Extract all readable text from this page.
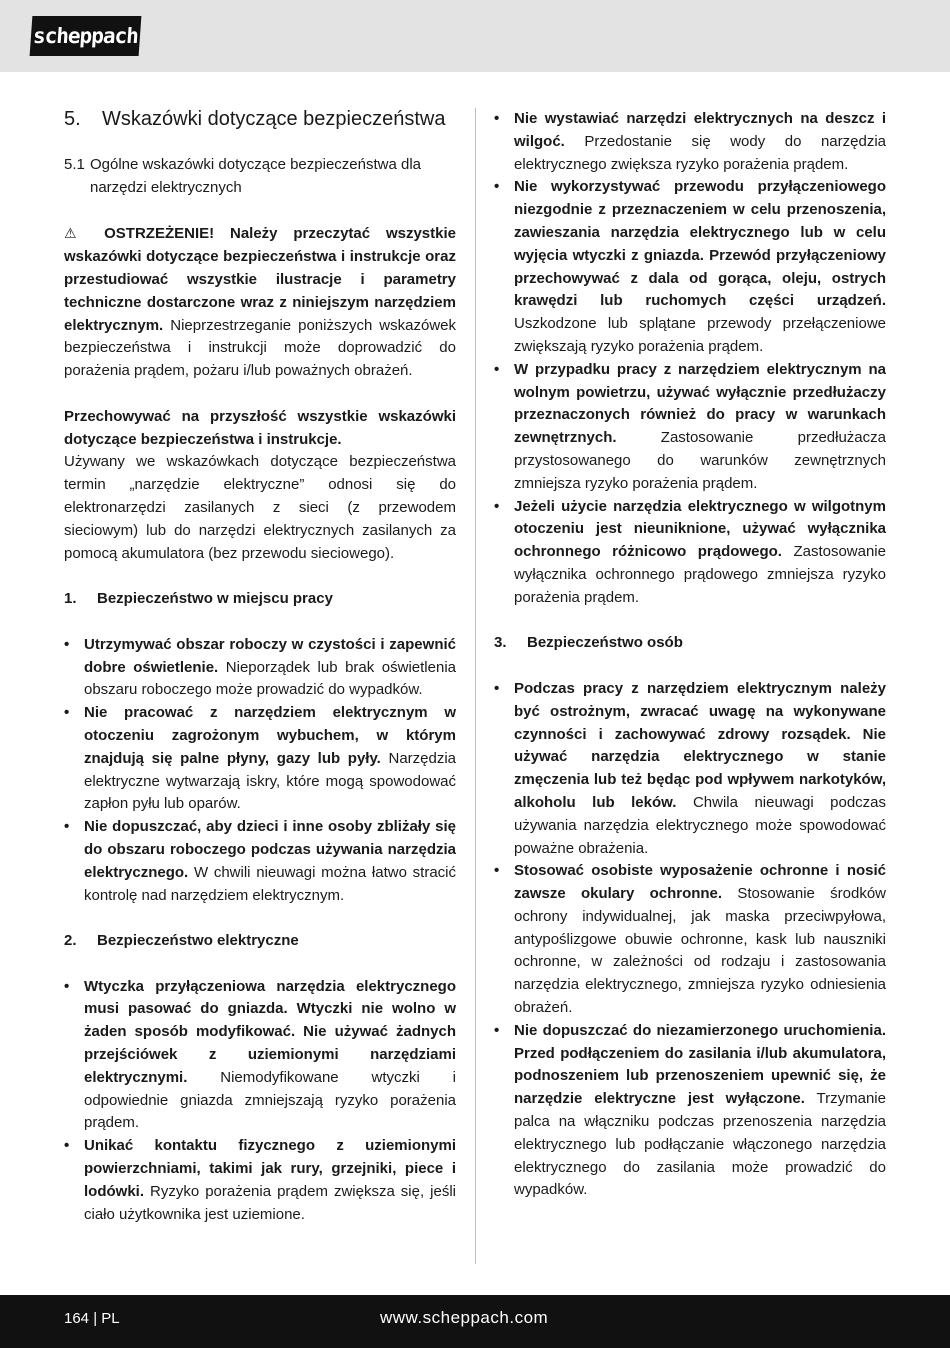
scheppach
5.	Wskazówki dotyczące bezpieczeństwa
5.1 Ogólne wskazówki dotyczące bezpieczeństwa dla narzędzi elektrycznych

⚠ OSTRZEŻENIE! Należy przeczytać wszystkie wskazówki dotyczące bezpieczeństwa i instrukcje oraz przestudiować wszystkie ilustracje i parametry techniczne dostarczone wraz z niniejszym narzędziem elektrycznym. Nieprzestrzeganie poniższych wskazówek bezpieczeństwa i instrukcji może doprowadzić do porażenia prądem, pożaru i/lub poważnych obrażeń.

Przechowywać na przyszłość wszystkie wskazówki dotyczące bezpieczeństwa i instrukcje.

Używany we wskazówkach dotyczące bezpieczeństwa termin „narzędzie elektryczne” odnosi się do elektronarzędzi zasilanych z sieci (z przewodem sieciowym) lub do narzędzi elektrycznych zasilanych za pomocą akumulatora (bez przewodu sieciowego).

1.	Bezpieczeństwo w miejscu pracy
• Utrzymywać obszar roboczy w czystości i zapewnić dobre oświetlenie. Nieporządek lub brak oświetlenia obszaru roboczego może prowadzić do wypadków.
• Nie pracować z narzędziem elektrycznym w otoczeniu zagrożonym wybuchem, w którym znajdują się palne płyny, gazy lub pyły. Narzędzia elektryczne wytwarzają iskry, które mogą spowodować zapłon pyłu lub oparów.
• Nie dopuszczać, aby dzieci i inne osoby zbliżały się do obszaru roboczego podczas używania narzędzia elektrycznego. W chwili nieuwagi można łatwo stracić kontrolę nad narzędziem elektrycznym.
2.	Bezpieczeństwo elektryczne
• Wtyczka przyłączeniowa narzędzia elektrycznego musi pasować do gniazda. Wtyczki nie wolno w żaden sposób modyfikować. Nie używać żadnych przejściówek z uziemionymi narzędziami elektrycznymi. Niemodyfikowane wtyczki i odpowiednie gniazda zmniejszają ryzyko porażenia prądem.
• Unikać kontaktu fizycznego z uziemionymi powierzchniami, takimi jak rury, grzejniki, piece i lodówki. Ryzyko porażenia prądem zwiększa się, jeśli ciało użytkownika jest uziemione.
• Nie wystawiać narzędzi elektrycznych na deszcz i wilgoć. Przedostanie się wody do narzędzia elektrycznego zwiększa ryzyko porażenia prądem.
• Nie wykorzystywać przewodu przyłączeniowego niezgodnie z przeznaczeniem w celu przenoszenia, zawieszania narzędzia elektrycznego lub w celu wyjęcia wtyczki z gniazda. Przewód przyłączeniowy przechowywać z dala od gorąca, oleju, ostrych krawędzi lub ruchomych części urządzeń. Uszkodzone lub splątane przewody przełączeniowe zwiększają ryzyko porażenia prądem.
• W przypadku pracy z narzędziem elektrycznym na wolnym powietrzu, używać wyłącznie przedłużaczy przeznaczonych również do pracy w warunkach zewnętrznych.	Zastosowanie przedłużacza przystosowanego do warunków zewnętrznych zmniejsza ryzyko porażenia prądem.
• Jeżeli użycie narzędzia elektrycznego w wilgotnym otoczeniu jest nieuniknione, używać wyłącznika ochronnego różnicowo prądowego. Zastosowanie wyłącznika ochronnego prądowego zmniejsza ryzyko porażenia prądem.
3.	Bezpieczeństwo osób
• Podczas pracy z narzędziem elektrycznym należy być ostrożnym, zwracać uwagę na wykonywane czynności i zachowywać zdrowy rozsądek. Nie używać narzędzia elektrycznego w stanie zmęczenia lub też będąc pod wpływem narkotyków, alkoholu lub leków. Chwila nieuwagi podczas używania narzędzia elektrycznego może spowodować poważne obrażenia.
• Stosować osobiste wyposażenie ochronne i nosić zawsze okulary ochronne. Stosowanie środków ochrony indywidualnej, jak maska przeciwpyłowa, antypoślizgowe obuwie ochronne, kask lub nauszniki ochronne, w zależności od rodzaju i zastosowania narzędzia elektrycznego, zmniejsza ryzyko odniesienia obrażeń.
• Nie dopuszczać do niezamierzonego uruchomienia. Przed podłączeniem do zasilania i/lub akumulatora, podnoszeniem lub przenoszeniem upewnić się, że narzędzie elektryczne jest wyłączone. Trzymanie palca na włączniku podczas przenoszenia narzędzia elektrycznego lub podłączanie włączonego narzędzia elektrycznego do zasilania może prowadzić do wypadków.
164 | PL	www.scheppach.com
